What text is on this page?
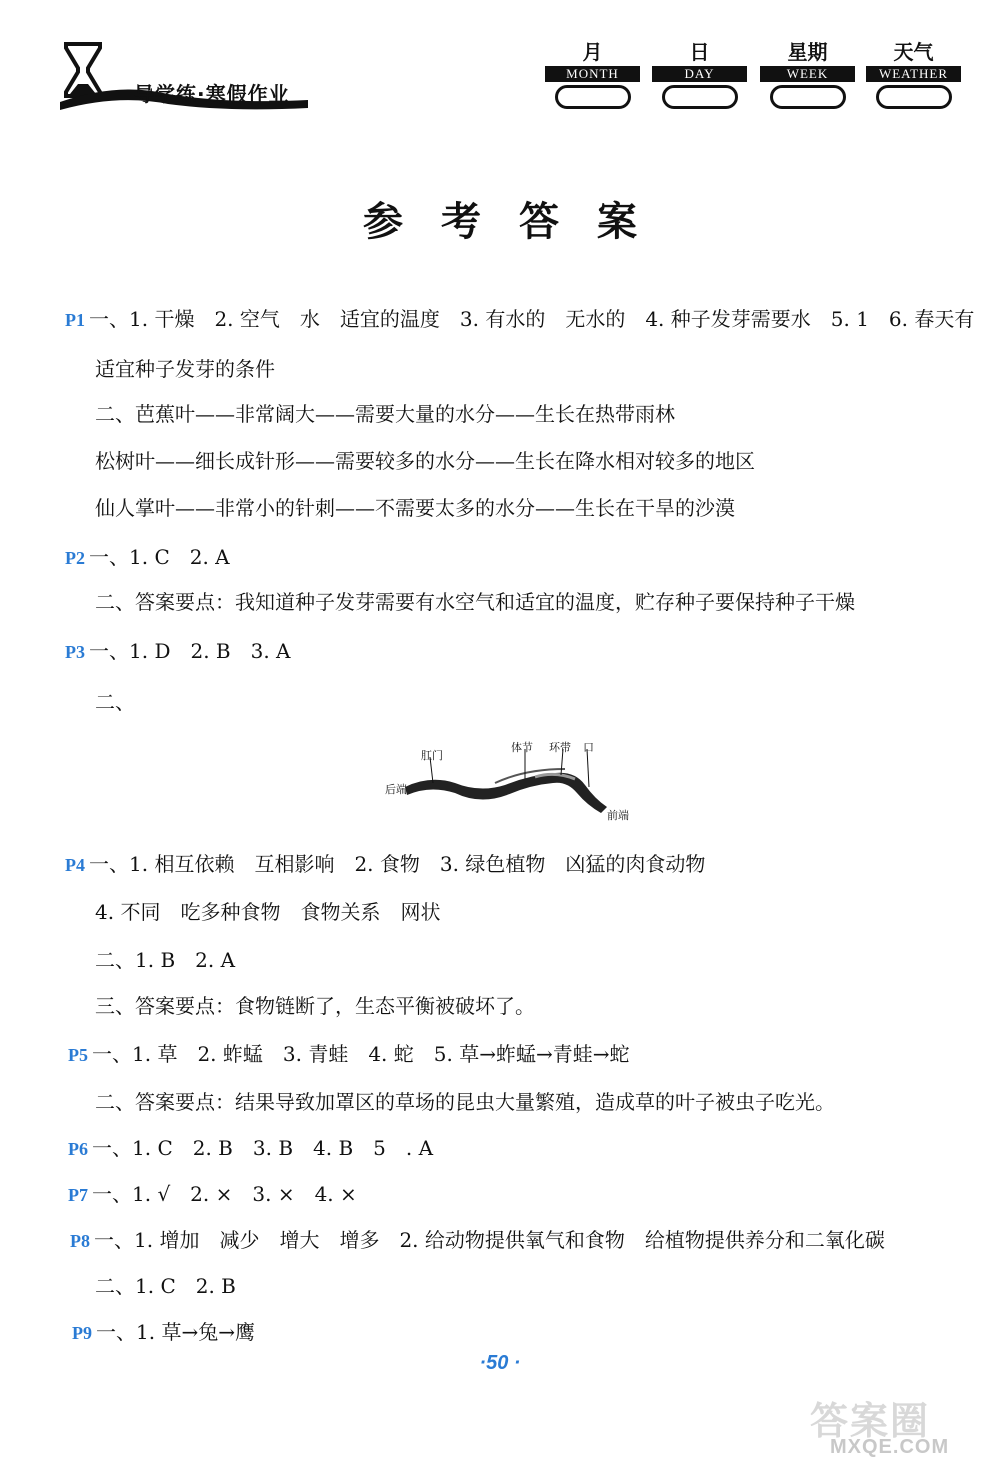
导学练·寒假作业
月
MONTH
日
DAY
星期
WEEK
天气
WEATHER
参考答案
P1 一、1. 干燥　2. 空气　水　适宜的温度　3. 有水的　无水的　4. 种子发芽需要水　5. 1　6. 春天有
适宜种子发芽的条件
二、芭蕉叶——非常阔大——需要大量的水分——生长在热带雨林
松树叶——细长成针形——需要较多的水分——生长在降水相对较多的地区
仙人掌叶——非常小的针刺——不需要太多的水分——生长在干旱的沙漠
P2 一、1. C　2. A
二、答案要点：我知道种子发芽需要有水空气和适宜的温度，贮存种子要保持种子干燥
P3 一、1. D　2. B　3. A
二、
肛门
体节 环带 口
后端
前端
P4 一、1. 相互依赖　互相影响　2. 食物　3. 绿色植物　凶猛的肉食动物
4. 不同　吃多种食物　食物关系　网状
二、1. B　2. A
三、答案要点：食物链断了，生态平衡被破坏了。
P5 一、1. 草　2. 蚱蜢　3. 青蛙　4. 蛇　5. 草→蚱蜢→青蛙→蛇
二、答案要点：结果导致加罩区的草场的昆虫大量繁殖，造成草的叶子被虫子吃光。
P6 一、1. C　2. B　3. B　4. B　5　. A
P7 一、1. √　2. ×　3. ×　4. ×
P8 一、1. 增加　减少　增大　增多　2. 给动物提供氧气和食物　给植物提供养分和二氧化碳
二、1. C　2. B
P9 一、1. 草→兔→鹰
·50 ·
答案圈
MXQE.COM
